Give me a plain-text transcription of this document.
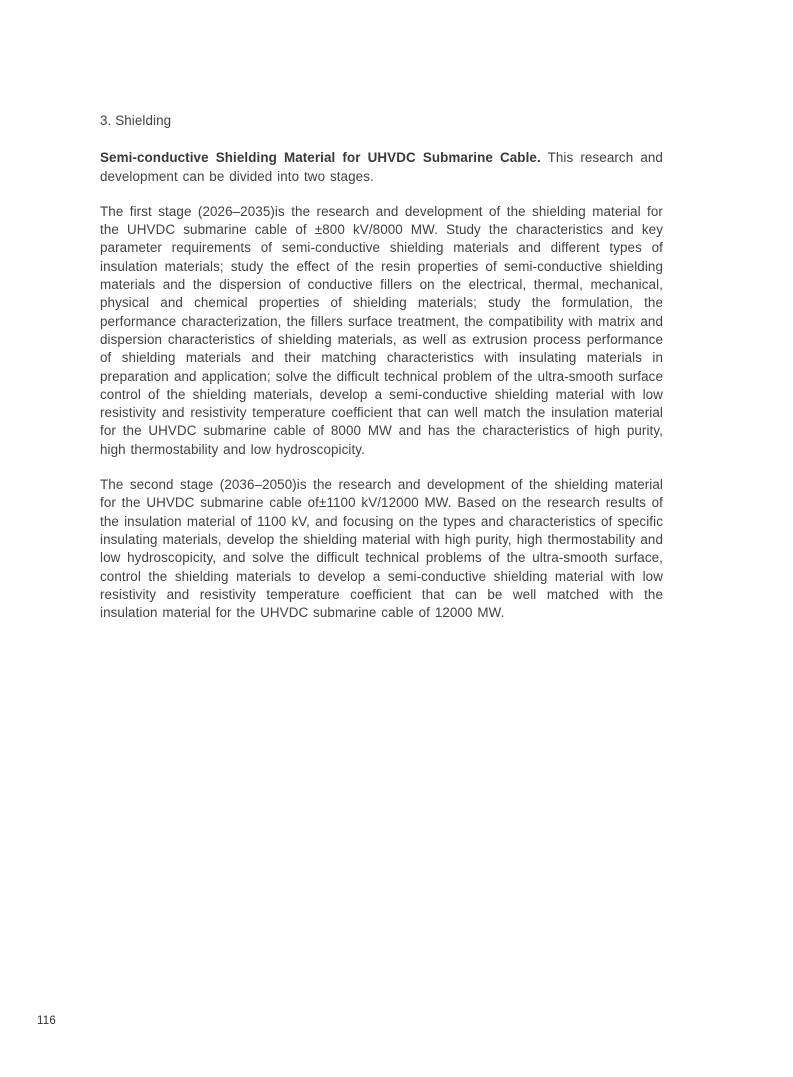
3. Shielding

Semi-conductive Shielding Material for UHVDC Submarine Cable. This research and development can be divided into two stages.

The first stage (2026–2035)is the research and development of the shielding material for the UHVDC submarine cable of ±800 kV/8000 MW. Study the characteristics and key parameter requirements of semi-conductive shielding materials and different types of insulation materials; study the effect of the resin properties of semi-conductive shielding materials and the dispersion of conductive fillers on the electrical, thermal, mechanical, physical and chemical properties of shielding materials; study the formulation, the performance characterization, the fillers surface treatment, the compatibility with matrix and dispersion characteristics of shielding materials, as well as extrusion process performance of shielding materials and their matching characteristics with insulating materials in preparation and application; solve the difficult technical problem of the ultra-smooth surface control of the shielding materials, develop a semi-conductive shielding material with low resistivity and resistivity temperature coefficient that can well match the insulation material for the UHVDC submarine cable of 8000 MW and has the characteristics of high purity, high thermostability and low hydroscopicity.

The second stage (2036–2050)is the research and development of the shielding material for the UHVDC submarine cable of±1100 kV/12000 MW. Based on the research results of the insulation material of 1100 kV, and focusing on the types and characteristics of specific insulating materials, develop the shielding material with high purity, high thermostability and low hydroscopicity, and solve the difficult technical problems of the ultra-smooth surface, control the shielding materials to develop a semi-conductive shielding material with low resistivity and resistivity temperature coefficient that can be well matched with the insulation material for the UHVDC submarine cable of 12000 MW.

116
